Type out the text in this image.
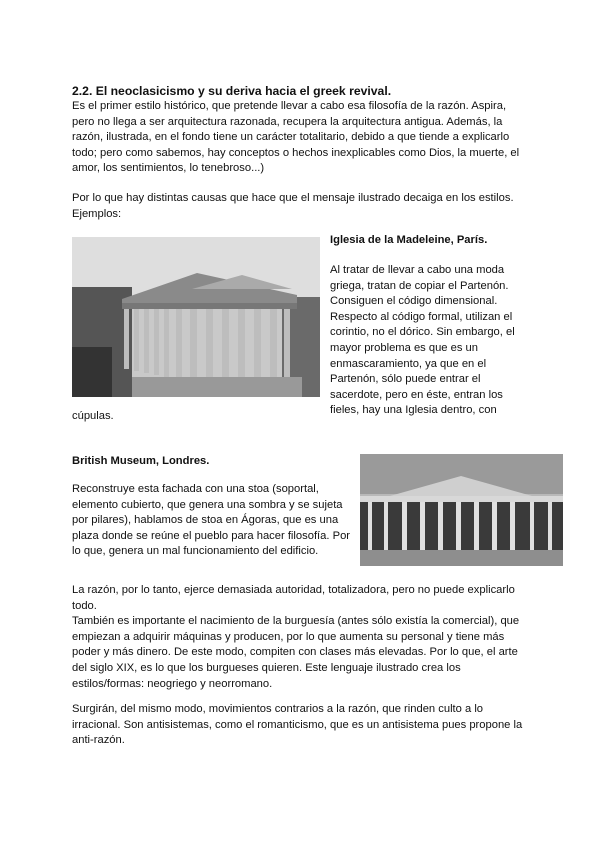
2.2. El neoclasicismo y su deriva hacia el greek revival.
Es el primer estilo histórico, que pretende llevar a cabo esa filosofía de la razón. Aspira,
pero no llega a ser arquitectura razonada, recupera la arquitectura antigua. Además, la
razón, ilustrada, en el fondo tiene un carácter totalitario, debido a que tiende a explicarlo
todo; pero como sabemos, hay conceptos o hechos inexplicables como Dios, la muerte, el
amor, los sentimientos, lo tenebroso...)
Por lo que hay distintas causas que hace que el mensaje ilustrado decaiga en los estilos.
Ejemplos:
Iglesia de la Madeleine, París.
Al tratar de llevar a cabo una moda
griega, tratan de copiar el Partenón.
Consiguen el código dimensional.
Respecto al código formal, utilizan el
corintio, no el dórico. Sin embargo, el
mayor problema es que es un
enmascaramiento, ya que en el
Partenón, sólo puede entrar el
sacerdote, pero en éste, entran los
fieles, hay una Iglesia dentro, con
cúpulas.
British Museum, Londres.
Reconstruye esta fachada con una stoa (soportal,
elemento cubierto, que genera una sombra y se sujeta
por pilares), hablamos de stoa en Ágoras, que es una
plaza donde se reúne el pueblo para hacer filosofía. Por
lo que, genera un mal funcionamiento del edificio.
La razón, por lo tanto, ejerce demasiada autoridad, totalizadora, pero no puede explicarlo
todo.
También es importante el nacimiento de la burguesía (antes sólo existía la comercial), que
empiezan a adquirir máquinas y producen, por lo que aumenta su personal y tiene más
poder y más dinero. De este modo, compiten con clases más elevadas. Por lo que, el arte
del siglo XIX, es lo que los burgueses quieren. Este lenguaje ilustrado crea los
estilos/formas: neogriego y neorromano.
Surgirán, del mismo modo, movimientos contrarios a la razón, que rinden culto a lo
irracional. Son antisistemas, como el romanticismo, que es un antisistema pues propone la
anti-razón.
